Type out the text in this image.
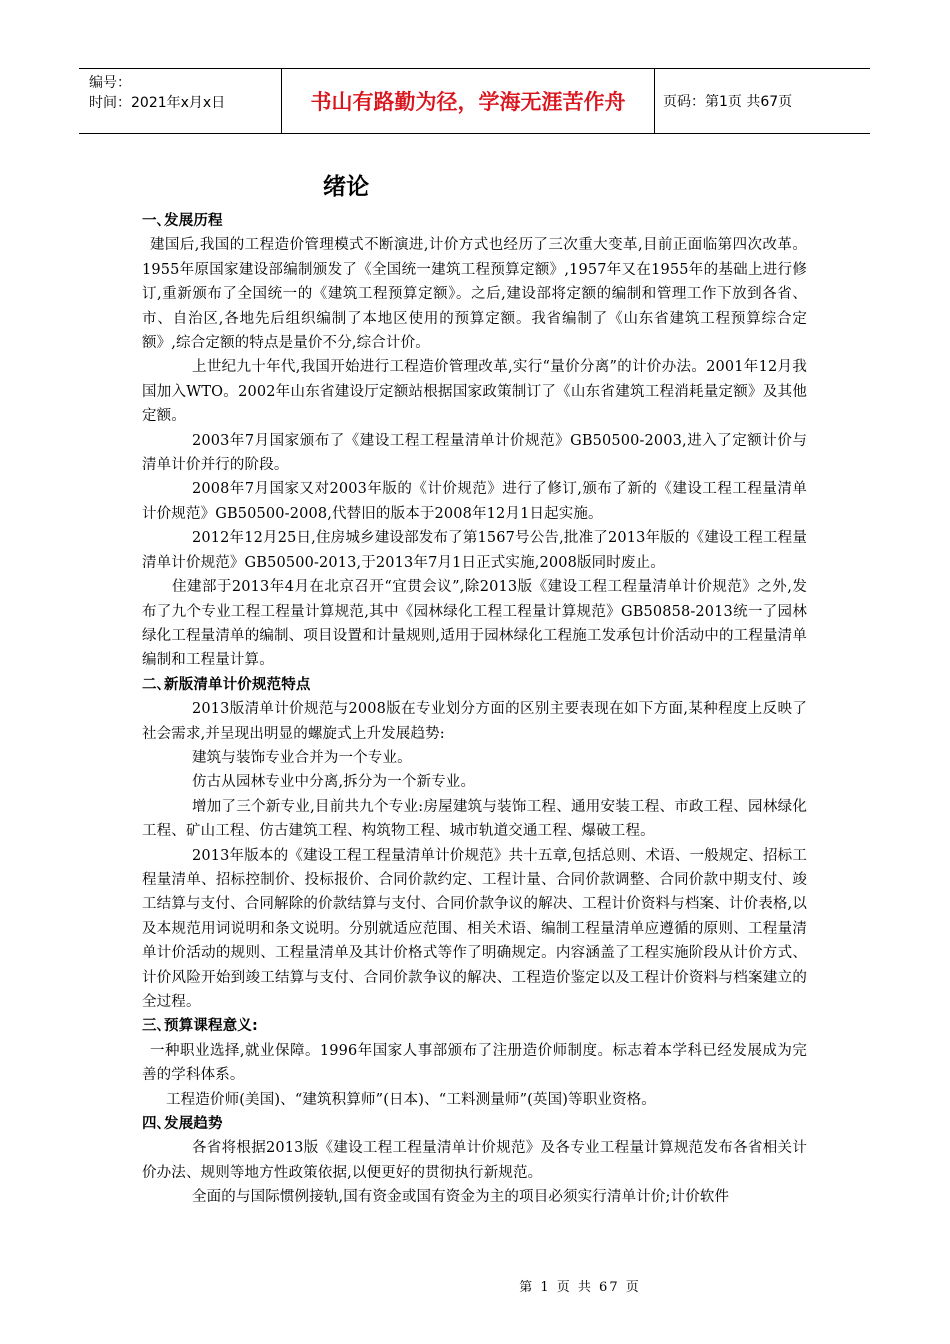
编号：
时间：2021年x月x日	书山有路勤为径，学海无涯苦作舟	页码：第1页 共67页
绪论
一､发展历程

建国后,我国的工程造价管理模式不断演进,计价方式也经历了三次重大变革,目前正面临第四次改革。1955年原国家建设部编制颁发了《全国统一建筑工程预算定额》,1957年又在1955年的基础上进行修订,重新颁布了全国统一的《建筑工程预算定额》。之后,建设部将定额的编制和管理工作下放到各省、市、自治区,各地先后组织编制了本地区使用的预算定额。我省编制了《山东省建筑工程预算综合定额》,综合定额的特点是量价不分,综合计价。

上世纪九十年代,我国开始进行工程造价管理改革,实行“量价分离”的计价办法。2001年12月我国加入WTO。2002年山东省建设厅定额站根据国家政策制订了《山东省建筑工程消耗量定额》及其他定额。

2003年7月国家颁布了《建设工程工程量清单计价规范》GB50500-2003,进入了定额计价与清单计价并行的阶段。

2008年7月国家又对2003年版的《计价规范》进行了修订,颁布了新的《建设工程工程量清单计价规范》GB50500-2008,代替旧的版本于2008年12月1日起实施。

2012年12月25日,住房城乡建设部发布了第1567号公告,批准了2013年版的《建设工程工程量清单计价规范》GB50500-2013,于2013年7月1日正式实施,2008版同时废止。

住建部于2013年4月在北京召开“宜贯会议”,除2013版《建设工程工程量清单计价规范》之外,发布了九个专业工程工程量计算规范,其中《园林绿化工程工程量计算规范》GB50858-2013统一了园林绿化工程量清单的编制、项目设置和计量规则,适用于园林绿化工程施工发承包计价活动中的工程量清单编制和工程量计算。

二､新版清单计价规范特点

2013版清单计价规范与2008版在专业划分方面的区别主要表现在如下方面,某种程度上反映了社会需求,并呈现出明显的螺旋式上升发展趋势:

建筑与装饰专业合并为一个专业。

仿古从园林专业中分离,拆分为一个新专业。

增加了三个新专业,目前共九个专业:房屋建筑与装饰工程、通用安装工程、市政工程、园林绿化工程、矿山工程、仿古建筑工程、构筑物工程、城市轨道交通工程、爆破工程。

2013年版本的《建设工程工程量清单计价规范》共十五章,包括总则、术语、一般规定、招标工程量清单、招标控制价、投标报价、合同价款约定、工程计量、合同价款调整、合同价款中期支付、竣工结算与支付、合同解除的价款结算与支付、合同价款争议的解决、工程计价资料与档案、计价表格,以及本规范用词说明和条文说明。分别就适应范围、相关术语、编制工程量清单应遵循的原则、工程量清单计价活动的规则、工程量清单及其计价格式等作了明确规定。内容涵盖了工程实施阶段从计价方式、计价风险开始到竣工结算与支付、合同价款争议的解决、工程造价鉴定以及工程计价资料与档案建立的全过程。

三､预算课程意义:

一种职业选择,就业保障。1996年国家人事部颁布了注册造价师制度。标志着本学科已经发展成为完善的学科体系。

工程造价师(美国)、“建筑积算师”(日本)、“工料测量师”(英国)等职业资格。

四､发展趋势

各省将根据2013版《建设工程工程量清单计价规范》及各专业工程量计算规范发布各省相关计价办法、规则等地方性政策依据,以便更好的贯彻执行新规范。

全面的与国际惯例接轨,国有资金或国有资金为主的项目必须实行清单计价;计价软件

第 1 页 共 67 页
